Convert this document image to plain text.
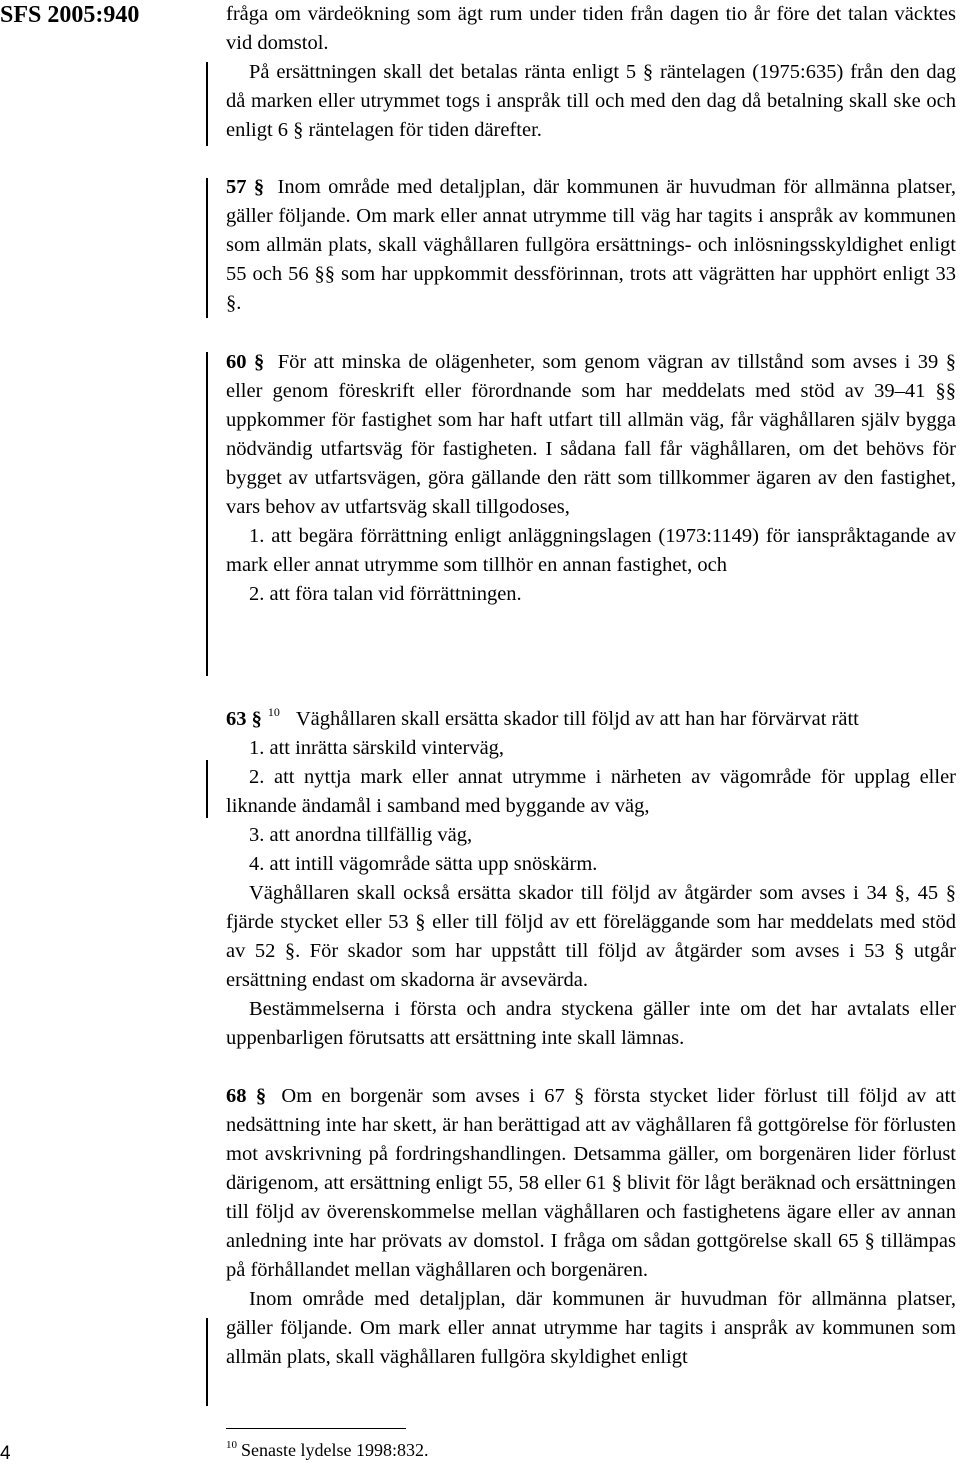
SFS 2005:940	fråga om värdeökning som ägt rum under tiden från dagen tio år före det talan väcktes vid domstol.

På ersättningen skall det betalas ränta enligt 5 § räntelagen (1975:635) från den dag då marken eller utrymmet togs i anspråk till och med den dag då betalning skall ske och enligt 6 § räntelagen för tiden därefter.

57 § Inom område med detaljplan, där kommunen är huvudman för allmänna platser, gäller följande. Om mark eller annat utrymme till väg har tagits i anspråk av kommunen som allmän plats, skall väghållaren fullgöra ersättnings- och inlösningsskyldighet enligt 55 och 56 §§ som har uppkommit dessförinnan, trots att vägrätten har upphört enligt 33 §.

60 § För att minska de olägenheter, som genom vägran av tillstånd som avses i 39 § eller genom föreskrift eller förordnande som har meddelats med stöd av 39–41 §§ uppkommer för fastighet som har haft utfart till allmän väg, får väghållaren själv bygga nödvändig utfartsväg för fastigheten. I sådana fall får väghållaren, om det behövs för bygget av utfartsvägen, göra gällande den rätt som tillkommer ägaren av den fastighet, vars behov av utfartsväg skall tillgodoses,

1. att begära förrättning enligt anläggningslagen (1973:1149) för ianspråktagande av mark eller annat utrymme som tillhör en annan fastighet, och

2. att föra talan vid förrättningen.

63 § $^{10}$ Väghållaren skall ersätta skador till följd av att han har förvärvat rätt

1. att inrätta särskild vinterväg,

2. att nyttja mark eller annat utrymme i närheten av vägområde för upplag eller liknande ändamål i samband med byggande av väg,

3. att anordna tillfällig väg,

4. att intill vägområde sätta upp snöskärm.

Väghållaren skall också ersätta skador till följd av åtgärder som avses i 34 §, 45 § fjärde stycket eller 53 § eller till följd av ett föreläggande som har meddelats med stöd av 52 §. För skador som har uppstått till följd av åtgärder som avses i 53 § utgår ersättning endast om skadorna är avsevärda.

Bestämmelserna i första och andra styckena gäller inte om det har avtalats eller uppenbarligen förutsatts att ersättning inte skall lämnas.

68 § Om en borgenär som avses i 67 § första stycket lider förlust till följd av att nedsättning inte har skett, är han berättigad att av väghållaren få gottgörelse för förlusten mot avskrivning på fordringshandlingen. Detsamma gäller, om borgenären lider förlust därigenom, att ersättning enligt 55, 58 eller 61 § blivit för lågt beräknad och ersättningen till följd av överenskommelse mellan väghållaren och fastighetens ägare eller av annan anledning inte har prövats av domstol. I fråga om sådan gottgörelse skall 65 § tillämpas på förhållandet mellan väghållaren och borgenären.

Inom område med detaljplan, där kommunen är huvudman för allmänna platser, gäller följande. Om mark eller annat utrymme har tagits i anspråk av kommunen som allmän plats, skall väghållaren fullgöra skyldighet enligt

$^{10}$ Senaste lydelse 1998:832.
4
